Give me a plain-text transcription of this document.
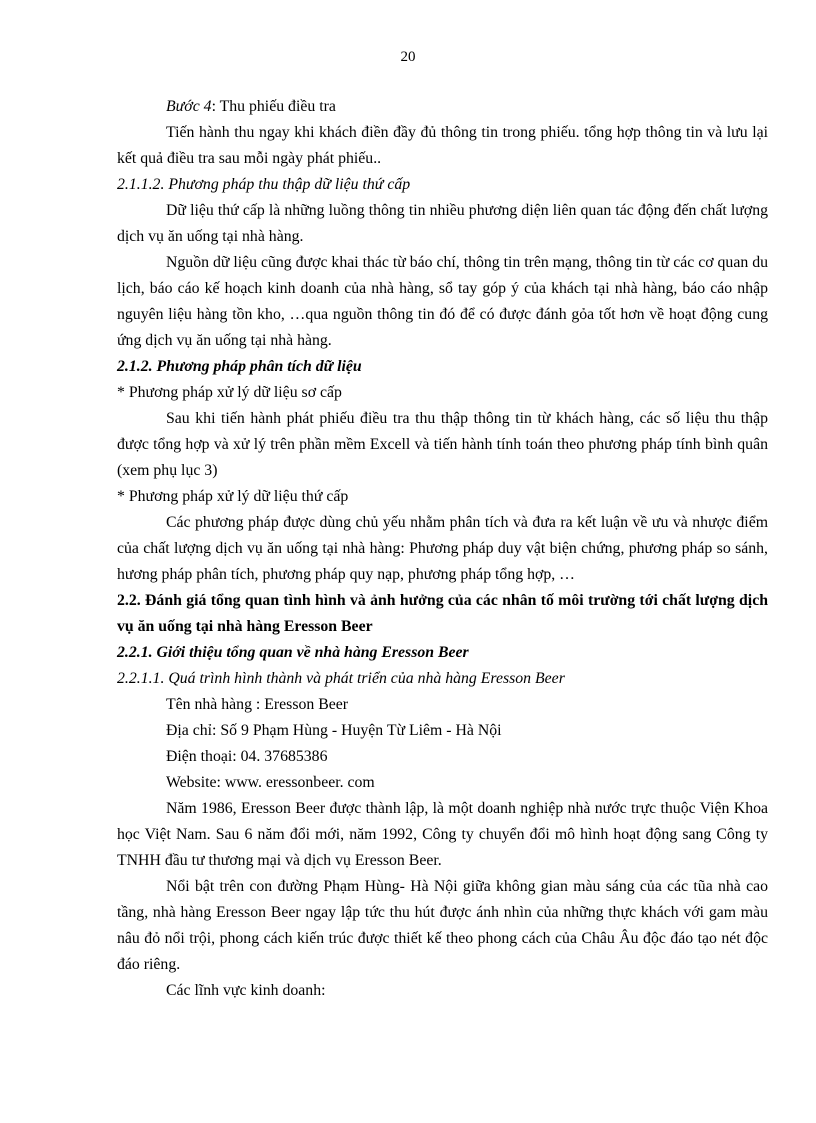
20

Bước 4: Thu phiếu điều tra

Tiến hành thu ngay khi khách điền đầy đủ thông tin trong phiếu. tổng hợp thông tin và lưu lại kết quả điều tra sau mỗi ngày phát phiếu..

2.1.1.2. Phương pháp thu thập dữ liệu thứ cấp

Dữ liệu thứ cấp là những luồng thông tin nhiều phương diện liên quan tác động đến chất lượng dịch vụ ăn uống tại nhà hàng.

Nguồn dữ liệu cũng được khai thác từ báo chí, thông tin trên mạng, thông tin từ các cơ quan du lịch, báo cáo kế hoạch kinh doanh của nhà hàng, sổ tay góp ý của khách tại nhà hàng, báo cáo nhập nguyên liệu hàng tồn kho, …qua nguồn thông tin đó để có được đánh gỏa tốt hơn về hoạt động cung ứng dịch vụ ăn uống tại nhà hàng.

2.1.2. Phương pháp phân tích dữ liệu

* Phương pháp xử lý dữ liệu sơ cấp

Sau khi tiến hành phát phiếu điều tra thu thập thông tin từ khách hàng, các số liệu thu thập được tổng hợp và xử lý trên phần mềm Excell và tiến hành tính toán theo phương pháp tính bình quân (xem phụ lục 3)

* Phương pháp xử lý dữ liệu thứ cấp

Các phương pháp được dùng chủ yếu nhằm phân tích và đưa ra kết luận về ưu và nhược điểm của chất lượng dịch vụ ăn uống tại nhà hàng: Phương pháp duy vật biện chứng, phương pháp so sánh, hương pháp phân tích, phương pháp quy nạp, phương pháp tổng hợp, …

2.2. Đánh giá tổng quan tình hình và ảnh hưởng của các nhân tố môi trường tới chất lượng dịch vụ ăn uống tại nhà hàng Eresson Beer

2.2.1. Giới thiệu tổng quan về nhà hàng Eresson Beer

2.2.1.1. Quá trình hình thành và phát triển của nhà hàng Eresson Beer

Tên nhà hàng : Eresson Beer

Địa chỉ: Số 9 Phạm Hùng - Huyện Từ Liêm - Hà Nội

Điện thoại: 04. 37685386

Website: www. eressonbeer. com

Năm 1986, Eresson Beer được thành lập, là một doanh nghiệp nhà nước trực thuộc Viện Khoa học Việt Nam. Sau 6 năm đổi mới, năm 1992, Công ty chuyển đổi mô hình hoạt động sang Công ty TNHH đầu tư thương mại và dịch vụ Eresson Beer.

Nổi bật trên con đường Phạm Hùng- Hà Nội giữa không gian màu sáng của các tũa nhà cao tầng, nhà hàng Eresson Beer ngay lập tức thu hút được ánh nhìn của những thực khách với gam màu nâu đỏ nổi trội, phong cách kiến trúc được thiết kế theo phong cách của Châu Âu độc đáo tạo nét độc đáo riêng.

Các lĩnh vực kinh doanh:
